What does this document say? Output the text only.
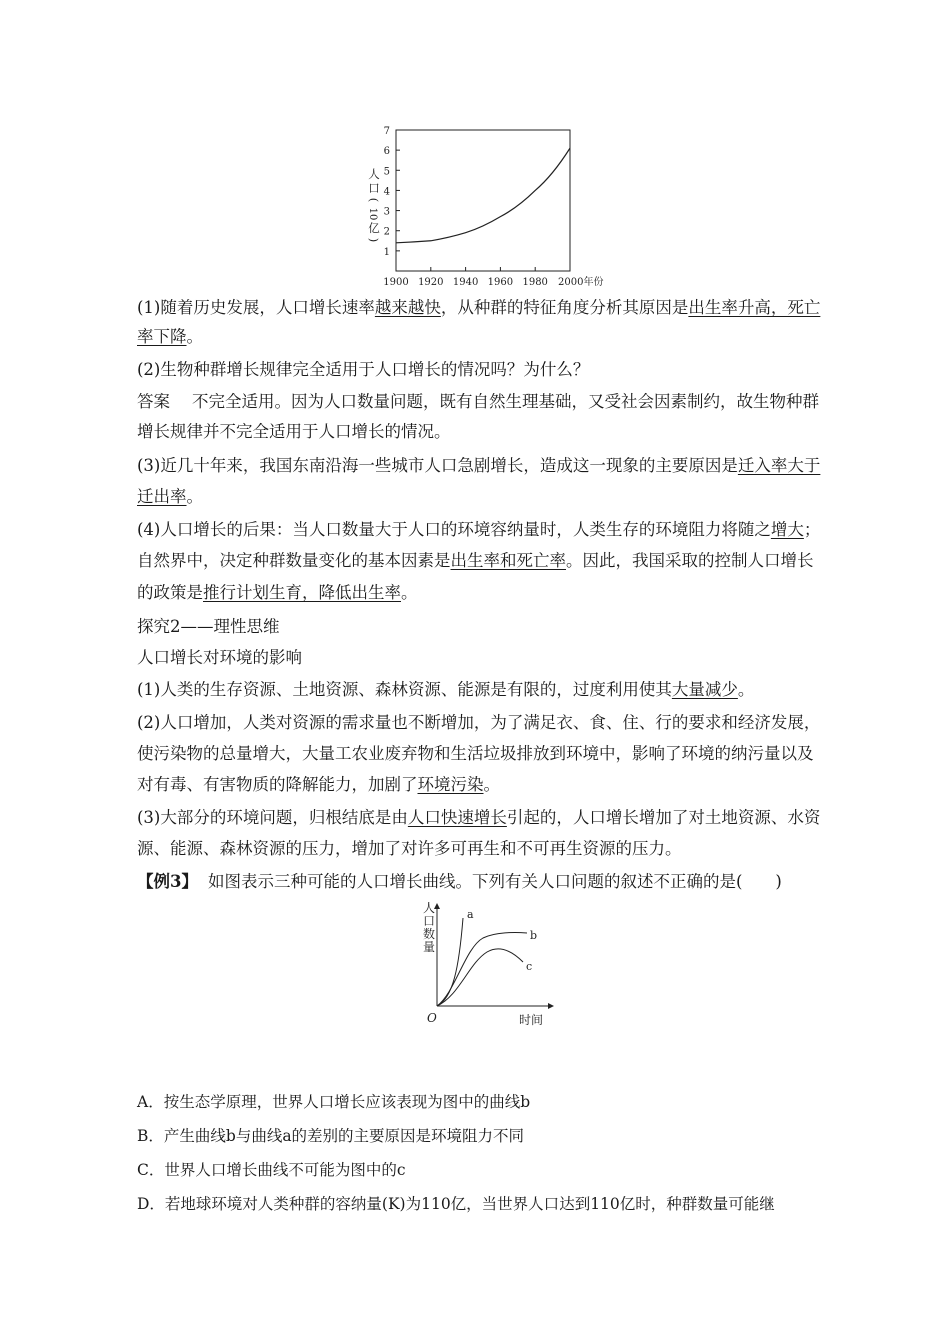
1
2
3
4
5
6
7
1900 1920 1940 1960 1980 2000年份
人
口
(
10
亿
)
(1)随着历史发展，人口增长速率越来越快，从种群的特征角度分析其原因是出生率升高，死亡
率下降。
(2)生物种群增长规律完全适用于人口增长的情况吗？为什么？
答案 不完全适用。因为人口数量问题，既有自然生理基础，又受社会因素制约，故生物种群
增长规律并不完全适用于人口增长的情况。
(3)近几十年来，我国东南沿海一些城市人口急剧增长，造成这一现象的主要原因是迁入率大于
迁出率。
(4)人口增长的后果：当人口数量大于人口的环境容纳量时，人类生存的环境阻力将随之增大；
自然界中，决定种群数量变化的基本因素是出生率和死亡率。因此，我国采取的控制人口增长
的政策是推行计划生育，降低出生率。
探究2——理性思维
人口增长对环境的影响
(1)人类的生存资源、土地资源、森林资源、能源是有限的，过度利用使其大量减少。
(2)人口增加，人类对资源的需求量也不断增加，为了满足衣、食、住、行的要求和经济发展，
使污染物的总量增大，大量工农业废弃物和生活垃圾排放到环境中，影响了环境的纳污量以及
对有毒、有害物质的降解能力，加剧了环境污染。
(3)大部分的环境问题，归根结底是由人口快速增长引起的，人口增长增加了对土地资源、水资
源、能源、森林资源的压力，增加了对许多可再生和不可再生资源的压力。
【例3】 如图表示三种可能的人口增长曲线。下列有关人口问题的叙述不正确的是(　　)
人
口
数
量
O	时间
a
b
c
A．按生态学原理，世界人口增长应该表现为图中的曲线b
B．产生曲线b与曲线a的差别的主要原因是环境阻力不同
C．世界人口增长曲线不可能为图中的c
D．若地球环境对人类种群的容纳量(K)为110亿，当世界人口达到110亿时，种群数量可能继
